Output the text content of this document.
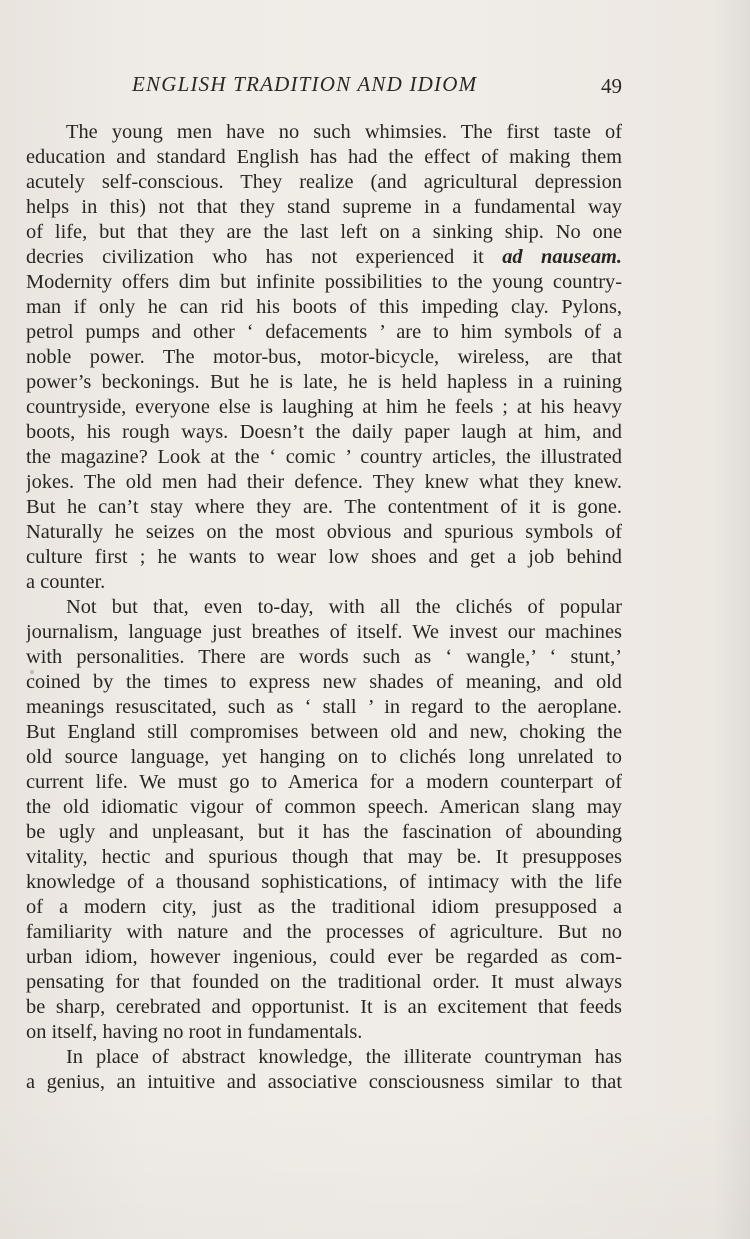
ENGLISH TRADITION AND IDIOM	49
The young men have no such whimsies. The first taste of
education and standard English has had the effect of making them
acutely self-conscious. They realize (and agricultural depression
helps in this) not that they stand supreme in a fundamental way
of life, but that they are the last left on a sinking ship. No one
decries civilization who has not experienced it ad nauseam.
Modernity offers dim but infinite possibilities to the young country-
man if only he can rid his boots of this impeding clay. Pylons,
petrol pumps and other ‘ defacements ’ are to him symbols of a
noble power. The motor-bus, motor-bicycle, wireless, are that
power’s beckonings. But he is late, he is held hapless in a ruining
countryside, everyone else is laughing at him he feels ; at his heavy
boots, his rough ways. Doesn’t the daily paper laugh at him, and
the magazine? Look at the ‘ comic ’ country articles, the illustrated
jokes. The old men had their defence. They knew what they knew.
But he can’t stay where they are. The contentment of it is gone.
Naturally he seizes on the most obvious and spurious symbols of
culture first ; he wants to wear low shoes and get a job behind
a counter.
Not but that, even to-day, with all the clichés of popular
journalism, language just breathes of itself. We invest our machines
with personalities. There are words such as ‘ wangle,’ ‘ stunt,’
coined by the times to express new shades of meaning, and old
meanings resuscitated, such as ‘ stall ’ in regard to the aeroplane.
But England still compromises between old and new, choking the
old source language, yet hanging on to clichés long unrelated to
current life. We must go to America for a modern counterpart of
the old idiomatic vigour of common speech. American slang may
be ugly and unpleasant, but it has the fascination of abounding
vitality, hectic and spurious though that may be. It presupposes
knowledge of a thousand sophistications, of intimacy with the life
of a modern city, just as the traditional idiom presupposed a
familiarity with nature and the processes of agriculture. But no
urban idiom, however ingenious, could ever be regarded as com-
pensating for that founded on the traditional order. It must always
be sharp, cerebrated and opportunist. It is an excitement that feeds
on itself, having no root in fundamentals.
In place of abstract knowledge, the illiterate countryman has
a genius, an intuitive and associative consciousness similar to that
